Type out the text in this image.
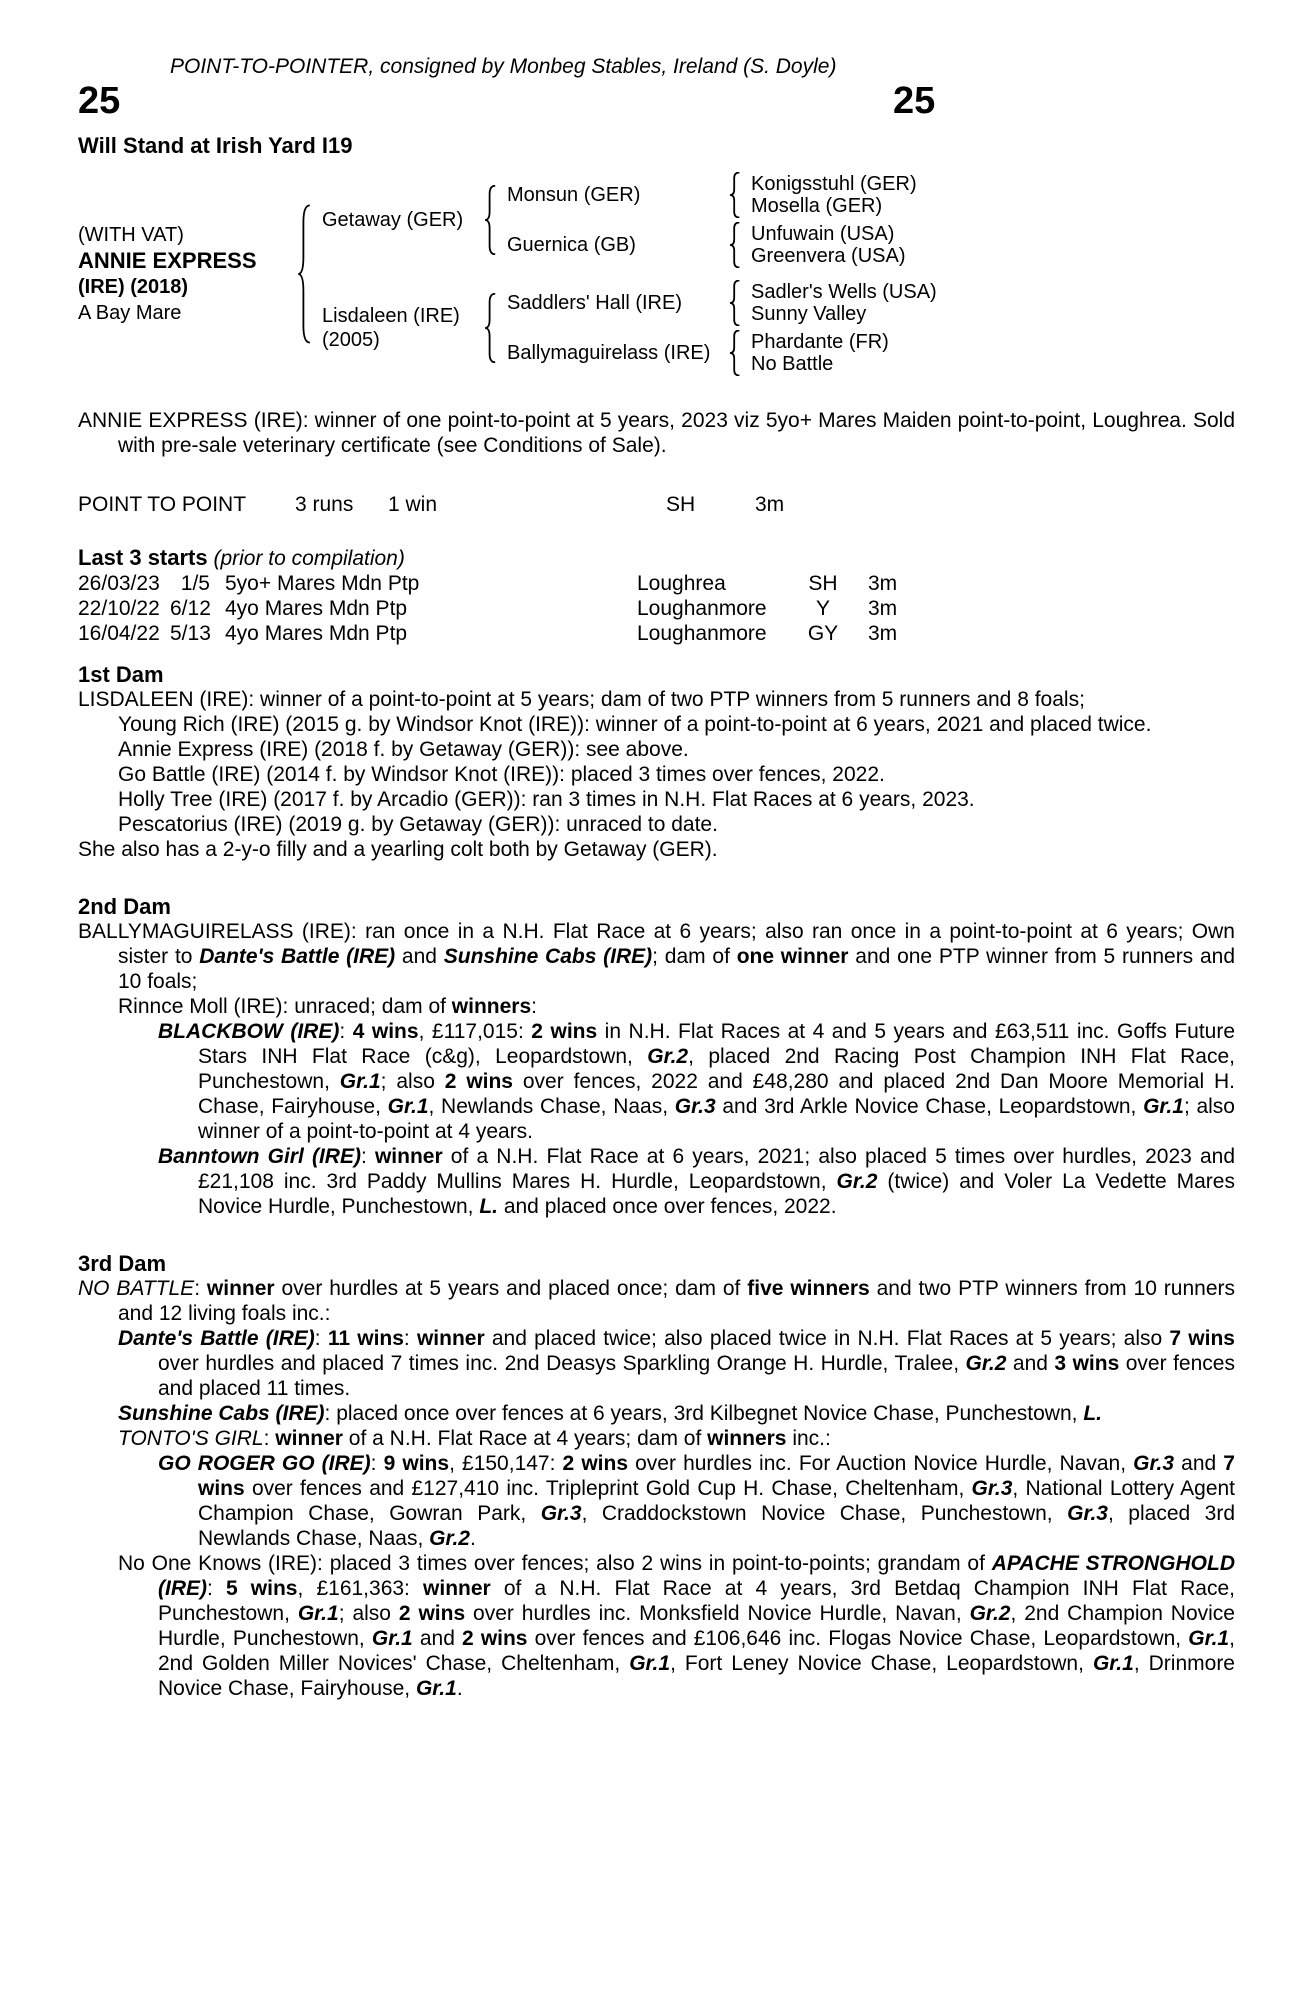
POINT-TO-POINTER, consigned by Monbeg Stables, Ireland (S. Doyle)
25	25
Will Stand at Irish Yard I19
(WITH VAT)
ANNIE EXPRESS
(IRE) (2018)
A Bay Mare
Getaway (GER)
Monsun (GER)	Konigsstuhl (GER)
Mosella (GER)
Guernica (GB)	Unfuwain (USA)
Greenvera (USA)
Lisdaleen (IRE)
(2005)
Saddlers' Hall (IRE)	Sadler's Wells (USA)
Sunny Valley
Ballymaguirelass (IRE)	Phardante (FR)
No Battle
ANNIE EXPRESS (IRE): winner of one point-to-point at 5 years, 2023 viz 5yo+ Mares Maiden point-to-point, Loughrea. Sold with pre-sale veterinary certificate (see Conditions of Sale).
POINT TO POINT 3 runs 1 win	SH	3m
Last 3 starts (prior to compilation)
26/03/23	1/5 5yo+ Mares Mdn Ptp	Loughrea	SH	3m
22/10/22 6/12 4yo Mares Mdn Ptp	Loughanmore	Y	3m
16/04/22 5/13 4yo Mares Mdn Ptp	Loughanmore	GY	3m
1st Dam
LISDALEEN (IRE): winner of a point-to-point at 5 years; dam of two PTP winners from 5 runners and 8 foals;
Young Rich (IRE) (2015 g. by Windsor Knot (IRE)): winner of a point-to-point at 6 years, 2021 and placed twice.
Annie Express (IRE) (2018 f. by Getaway (GER)): see above.
Go Battle (IRE) (2014 f. by Windsor Knot (IRE)): placed 3 times over fences, 2022.
Holly Tree (IRE) (2017 f. by Arcadio (GER)): ran 3 times in N.H. Flat Races at 6 years, 2023.
Pescatorius (IRE) (2019 g. by Getaway (GER)): unraced to date.
She also has a 2-y-o filly and a yearling colt both by Getaway (GER).
2nd Dam
BALLYMAGUIRELASS (IRE): ran once in a N.H. Flat Race at 6 years; also ran once in a point-to-point at 6 years; Own sister to Dante's Battle (IRE) and Sunshine Cabs (IRE); dam of one winner and one PTP winner from 5 runners and 10 foals;
Rinnce Moll (IRE): unraced; dam of winners:
BLACKBOW (IRE): 4 wins, £117,015: 2 wins in N.H. Flat Races at 4 and 5 years and £63,511 inc. Goffs Future Stars INH Flat Race (c&g), Leopardstown, Gr.2, placed 2nd Racing Post Champion INH Flat Race, Punchestown, Gr.1; also 2 wins over fences, 2022 and £48,280 and placed 2nd Dan Moore Memorial H. Chase, Fairyhouse, Gr.1, Newlands Chase, Naas, Gr.3 and 3rd Arkle Novice Chase, Leopardstown, Gr.1; also winner of a point-to-point at 4 years.
Banntown Girl (IRE): winner of a N.H. Flat Race at 6 years, 2021; also placed 5 times over hurdles, 2023 and £21,108 inc. 3rd Paddy Mullins Mares H. Hurdle, Leopardstown, Gr.2 (twice) and Voler La Vedette Mares Novice Hurdle, Punchestown, L. and placed once over fences, 2022.
3rd Dam
NO BATTLE: winner over hurdles at 5 years and placed once; dam of five winners and two PTP winners from 10 runners and 12 living foals inc.:
Dante's Battle (IRE): 11 wins: winner and placed twice; also placed twice in N.H. Flat Races at 5 years; also 7 wins over hurdles and placed 7 times inc. 2nd Deasys Sparkling Orange H. Hurdle, Tralee, Gr.2 and 3 wins over fences and placed 11 times.
Sunshine Cabs (IRE): placed once over fences at 6 years, 3rd Kilbegnet Novice Chase, Punchestown, L.
TONTO'S GIRL: winner of a N.H. Flat Race at 4 years; dam of winners inc.:
GO ROGER GO (IRE): 9 wins, £150,147: 2 wins over hurdles inc. For Auction Novice Hurdle, Navan, Gr.3 and 7 wins over fences and £127,410 inc. Tripleprint Gold Cup H. Chase, Cheltenham, Gr.3, National Lottery Agent Champion Chase, Gowran Park, Gr.3, Craddockstown Novice Chase, Punchestown, Gr.3, placed 3rd Newlands Chase, Naas, Gr.2.
No One Knows (IRE): placed 3 times over fences; also 2 wins in point-to-points; grandam of APACHE STRONGHOLD (IRE): 5 wins, £161,363: winner of a N.H. Flat Race at 4 years, 3rd Betdaq Champion INH Flat Race, Punchestown, Gr.1; also 2 wins over hurdles inc. Monksfield Novice Hurdle, Navan, Gr.2, 2nd Champion Novice Hurdle, Punchestown, Gr.1 and 2 wins over fences and £106,646 inc. Flogas Novice Chase, Leopardstown, Gr.1, 2nd Golden Miller Novices' Chase, Cheltenham, Gr.1, Fort Leney Novice Chase, Leopardstown, Gr.1, Drinmore Novice Chase, Fairyhouse, Gr.1.
